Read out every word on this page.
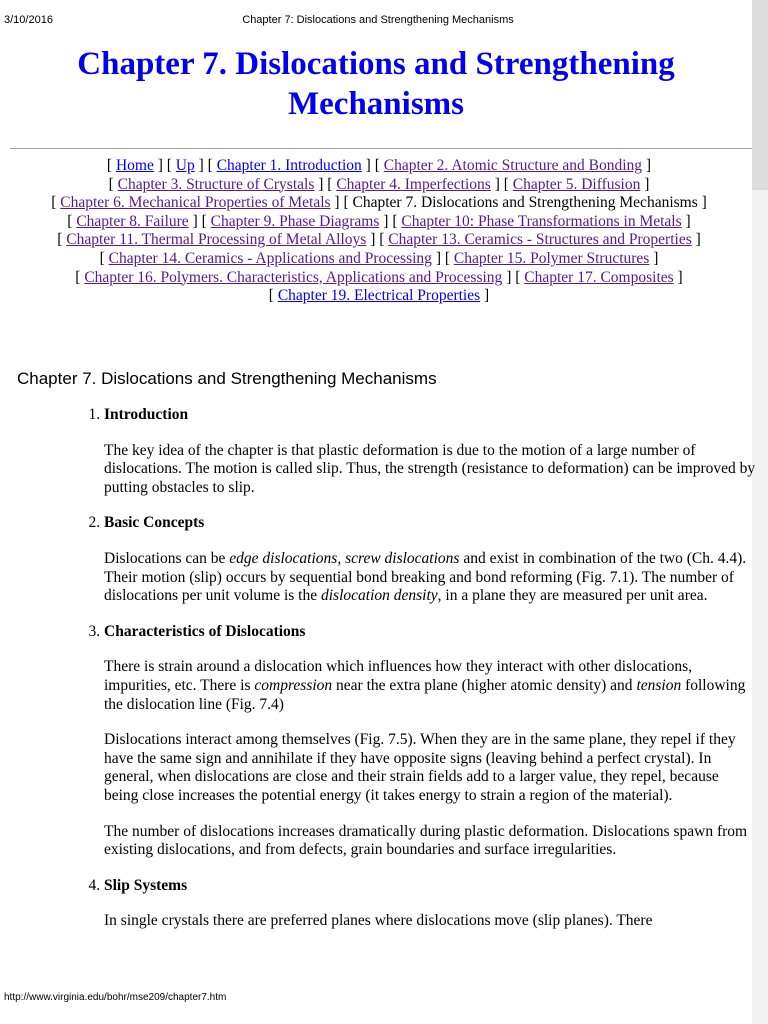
3/10/2016	Chapter 7: Dislocations and Strengthening Mechanisms
Chapter 7. Dislocations and Strengthening Mechanisms
[ Home ] [ Up ] [ Chapter 1. Introduction ] [ Chapter 2. Atomic Structure and Bonding ]
[ Chapter 3. Structure of Crystals ] [ Chapter 4. Imperfections ] [ Chapter 5. Diffusion ]
[ Chapter 6. Mechanical Properties of Metals ] [ Chapter 7. Dislocations and Strengthening Mechanisms ]
[ Chapter 8. Failure ] [ Chapter 9. Phase Diagrams ] [ Chapter 10: Phase Transformations in Metals ]
[ Chapter 11. Thermal Processing of Metal Alloys ] [ Chapter 13. Ceramics - Structures and Properties ]
[ Chapter 14. Ceramics - Applications and Processing ] [ Chapter 15. Polymer Structures ]
[ Chapter 16. Polymers. Characteristics, Applications and Processing ] [ Chapter 17. Composites ]
[ Chapter 19. Electrical Properties ]
Chapter 7. Dislocations and Strengthening Mechanisms
1. Introduction

The key idea of the chapter is that plastic deformation is due to the motion of a large number of dislocations. The motion is called slip. Thus, the strength (resistance to deformation) can be improved by putting obstacles to slip.

2. Basic Concepts

Dislocations can be edge dislocations, screw dislocations and exist in combination of the two (Ch. 4.4). Their motion (slip) occurs by sequential bond breaking and bond reforming (Fig. 7.1). The number of dislocations per unit volume is the dislocation density, in a plane they are measured per unit area.

3. Characteristics of Dislocations

There is strain around a dislocation which influences how they interact with other dislocations, impurities, etc. There is compression near the extra plane (higher atomic density) and tension following the dislocation line (Fig. 7.4)

Dislocations interact among themselves (Fig. 7.5). When they are in the same plane, they repel if they have the same sign and annihilate if they have opposite signs (leaving behind a perfect crystal). In general, when dislocations are close and their strain fields add to a larger value, they repel, because being close increases the potential energy (it takes energy to strain a region of the material).

The number of dislocations increases dramatically during plastic deformation. Dislocations spawn from existing dislocations, and from defects, grain boundaries and surface irregularities.

4. Slip Systems

In single crystals there are preferred planes where dislocations move (slip planes). There

http://www.virginia.edu/bohr/mse209/chapter7.htm
